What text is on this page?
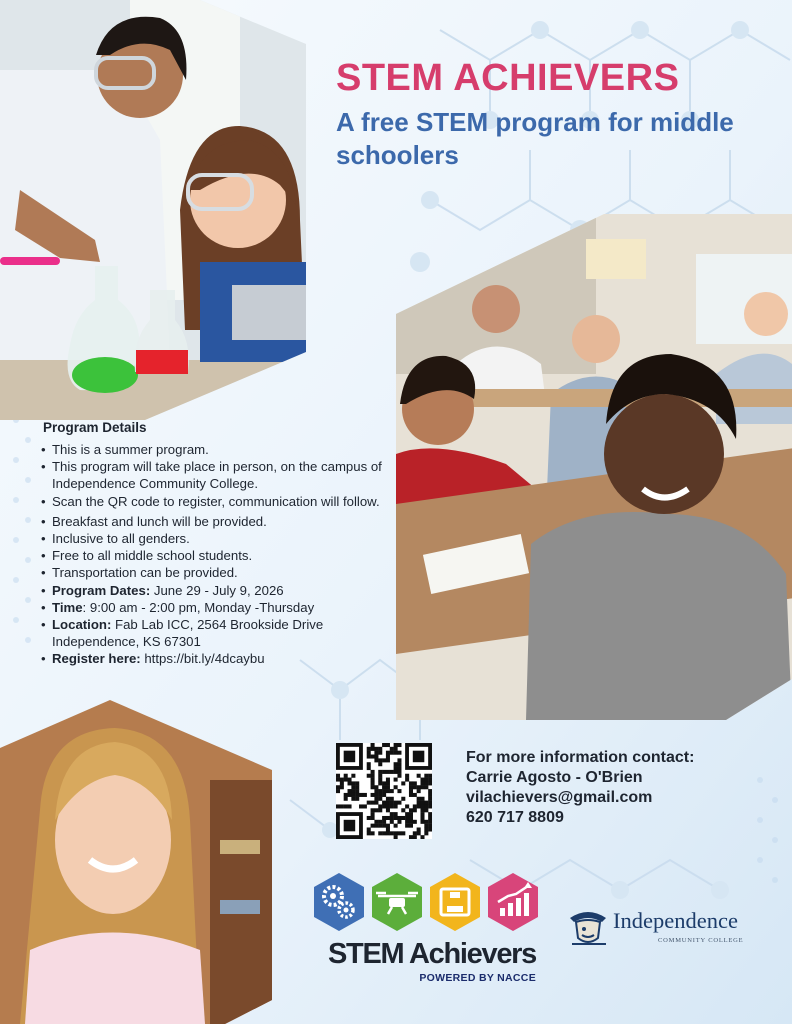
STEM ACHIEVERS
A free STEM program for middle schoolers
Program Details
• This is a summer program.
• This program will take place in person, on the campus of Independence Community College.
• Scan the QR code to register, communication will follow.
• Breakfast and lunch will be provided.
• Inclusive to all genders.
• Free to all middle school students.
• Transportation can be provided.
• Program Dates: June 29 - July 9, 2026
• Time: 9:00 am - 2:00 pm, Monday -Thursday
• Location: Fab Lab ICC, 2564 Brookside Drive Independence, KS 67301
• Register here: https://bit.ly/4dcaybu
For more information contact:
Carrie Agosto - O'Brien
vilachievers@gmail.com
620 717 8809
STEM Achievers
POWERED BY NACCE
Independence
COMMUNITY COLLEGE
